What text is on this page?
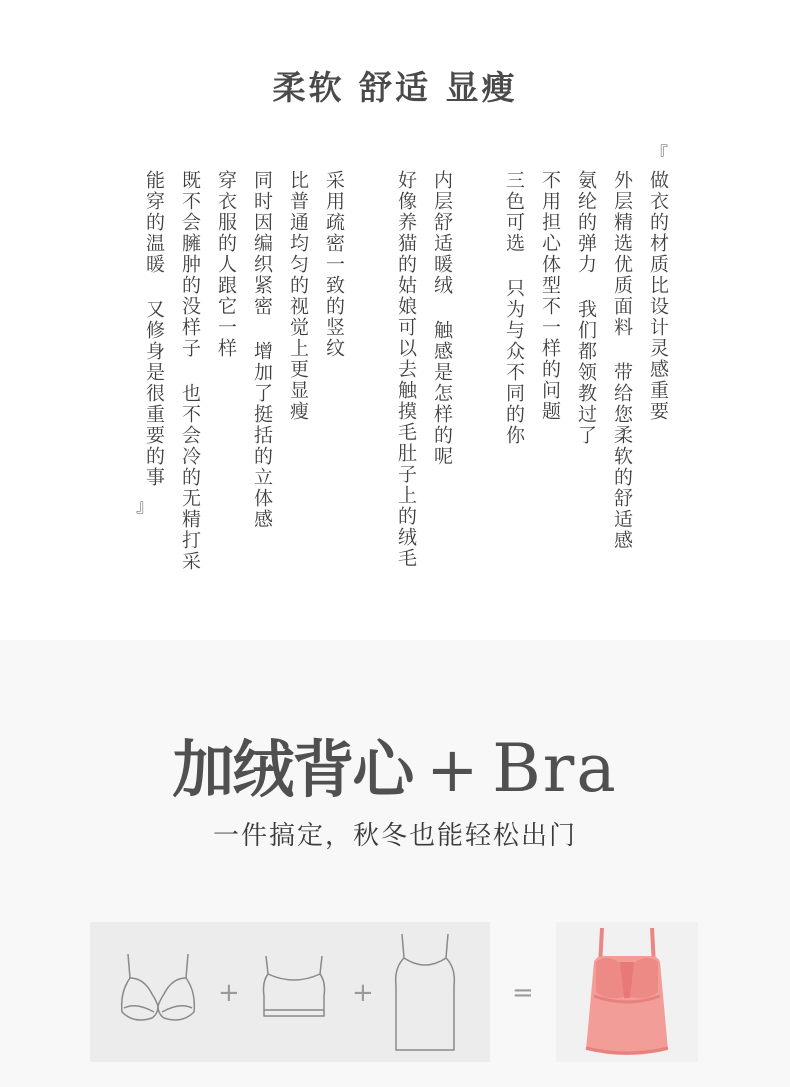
柔软 舒适 显瘦
『
做衣的材质比设计灵感重要
外层精选优质面料 带给您柔软的舒适感
氨纶的弹力 我们都领教过了
不用担心体型不一样的问题
三色可选 只为与众不同的你
内层舒适暖绒 触感是怎样的呢
好像养猫的姑娘可以去触摸毛肚子上的绒毛
采用疏密一致的竖纹
比普通均匀的视觉上更显瘦
同时因编织紧密 增加了挺括的立体感
穿衣服的人跟它一样
既不会臃肿的没样子 也不会冷的无精打采
能穿的温暖 又修身是很重要的事
』
加绒背心 + Bra
一件搞定，秋冬也能轻松出门
+	+	=
